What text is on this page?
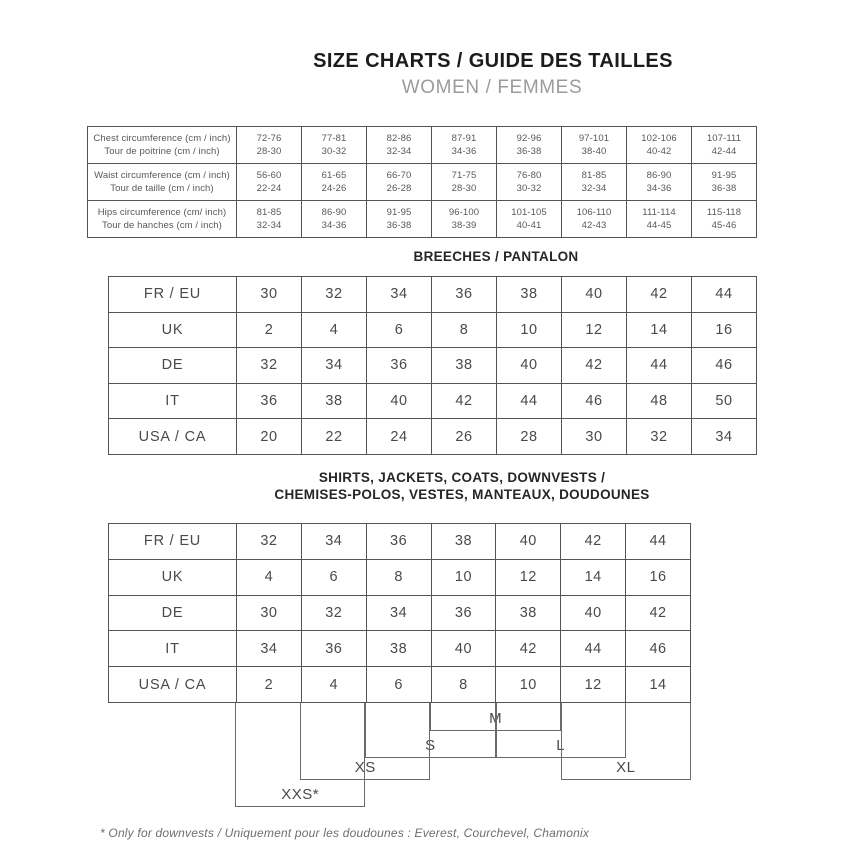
SIZE CHARTS / GUIDE DES TAILLES
WOMEN / FEMMES
Chest circumference (cm / inch)
Tour de poitrine (cm / inch)

72-76
28-30

77-81
30-32

82-86
32-34

87-91
34-36

92-96
36-38

97-101
38-40

102-106
40-42

107-111
42-44

Waist circumference (cm / inch)
Tour de taille (cm / inch)

56-60
22-24

61-65
24-26

66-70
26-28

71-75
28-30

76-80
30-32

81-85
32-34

86-90
34-36

91-95
36-38

Hips circumference (cm/ inch)
Tour de hanches (cm / inch)

81-85
32-34

86-90
34-36

91-95
36-38

96-100
38-39

101-105
40-41

106-110
42-43

111-114
44-45

115-118
45-46
BREECHES / PANTALON
FR / EU	30	32	34	36	38	40	42	44
UK	2	4	6	8	10	12	14	16
DE	32	34	36	38	40	42	44	46
IT	36	38	40	42	44	46	48	50
USA / CA	20	22	24	26	28	30	32	34
SHIRTS, JACKETS, COATS, DOWNVESTS /
CHEMISES-POLOS, VESTES, MANTEAUX, DOUDOUNES
FR / EU	32	34	36	38	40	42	44
UK	4	6	8	10	12	14	16
DE	30	32	34	36	38	40	42
IT	34	36	38	40	42	44	46
USA / CA	2	4	6	8	10	12	14
M
S	L
XS	XL
XXS*
* Only for downvests / Uniquement pour les doudounes : Everest, Courchevel, Chamonix
